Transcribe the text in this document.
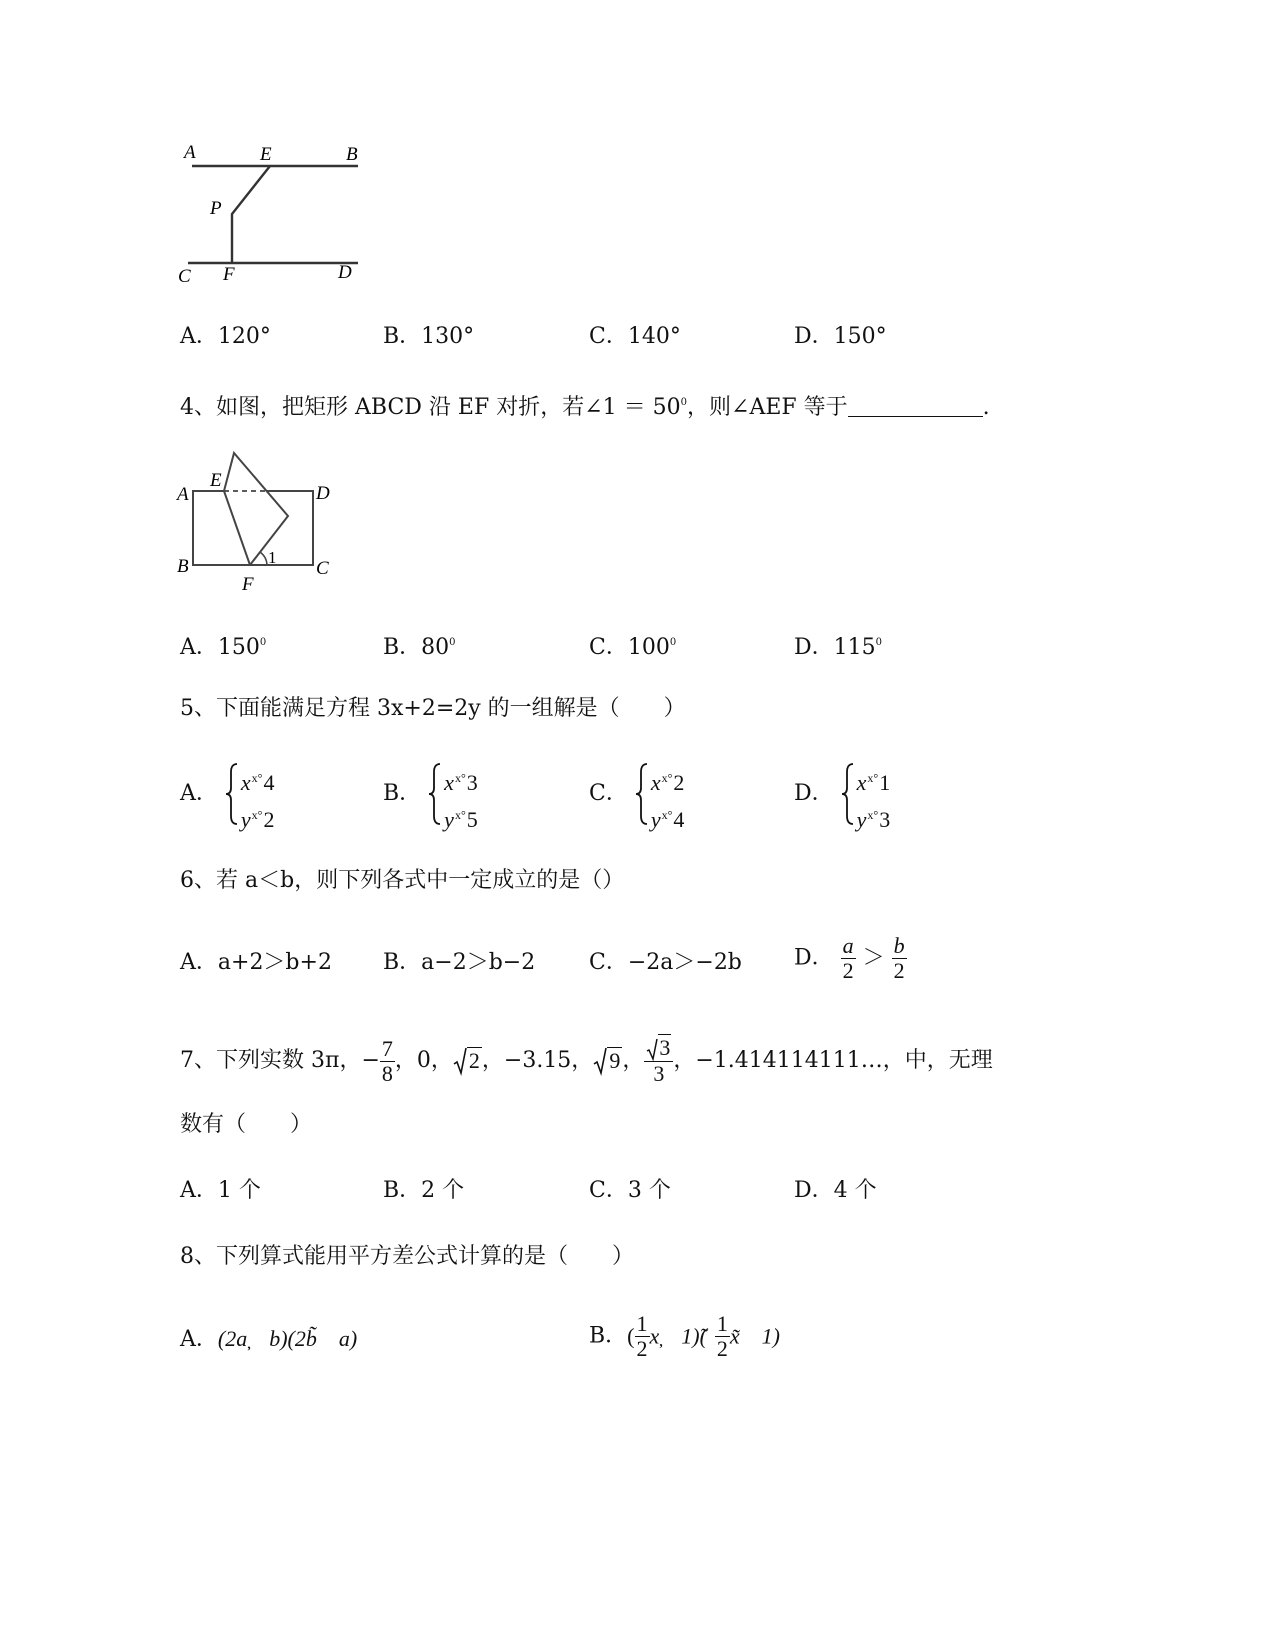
A	E	B
P
C F	D
A．120°	B．130°	C．140°	D．150°
4、如图，把矩形 ABCD 沿 EF 对折，若∠1 ＝ $50^0$，则∠AEF 等于	.
E
A	D
B	1
C
F
A．$150^0$	B．$80^0$	C．$100^0$	D．$115^0$
5、下面能满足方程 3x+2=2y 的一组解是（　　）
A． $x^{x^\circ}4$
$y^{x^\circ}2$
B． $x^{x^\circ}3$
$y^{x^\circ}5$
C． $x^{x^\circ}2$
$y^{x^\circ}4$
D． $x^{x^\circ}1$
$y^{x^\circ}3$
6、若 a＜b，则下列各式中一定成立的是（）
A．a+2＞b+2 B．a−2＞b−2 C．−2a＞−2b D． $\frac{a}{2} > \frac{b}{2}$
7、下列实数 3π，− $\frac{7}{8}$ ，0， 2，−3.15， 9， $\frac{3}{3}$ ，−1.414114111…，中，无理
数有（　　）
A．1 个	B．2 个	C．3 个	D．4 个
8、下列算式能用平方差公式计算的是（　　）
A．(2a̦　b)(2b̃　a)	B．( $\frac{1}{2}$ x̦　1)̃( $\frac{1}{2}$ x̃　1)
